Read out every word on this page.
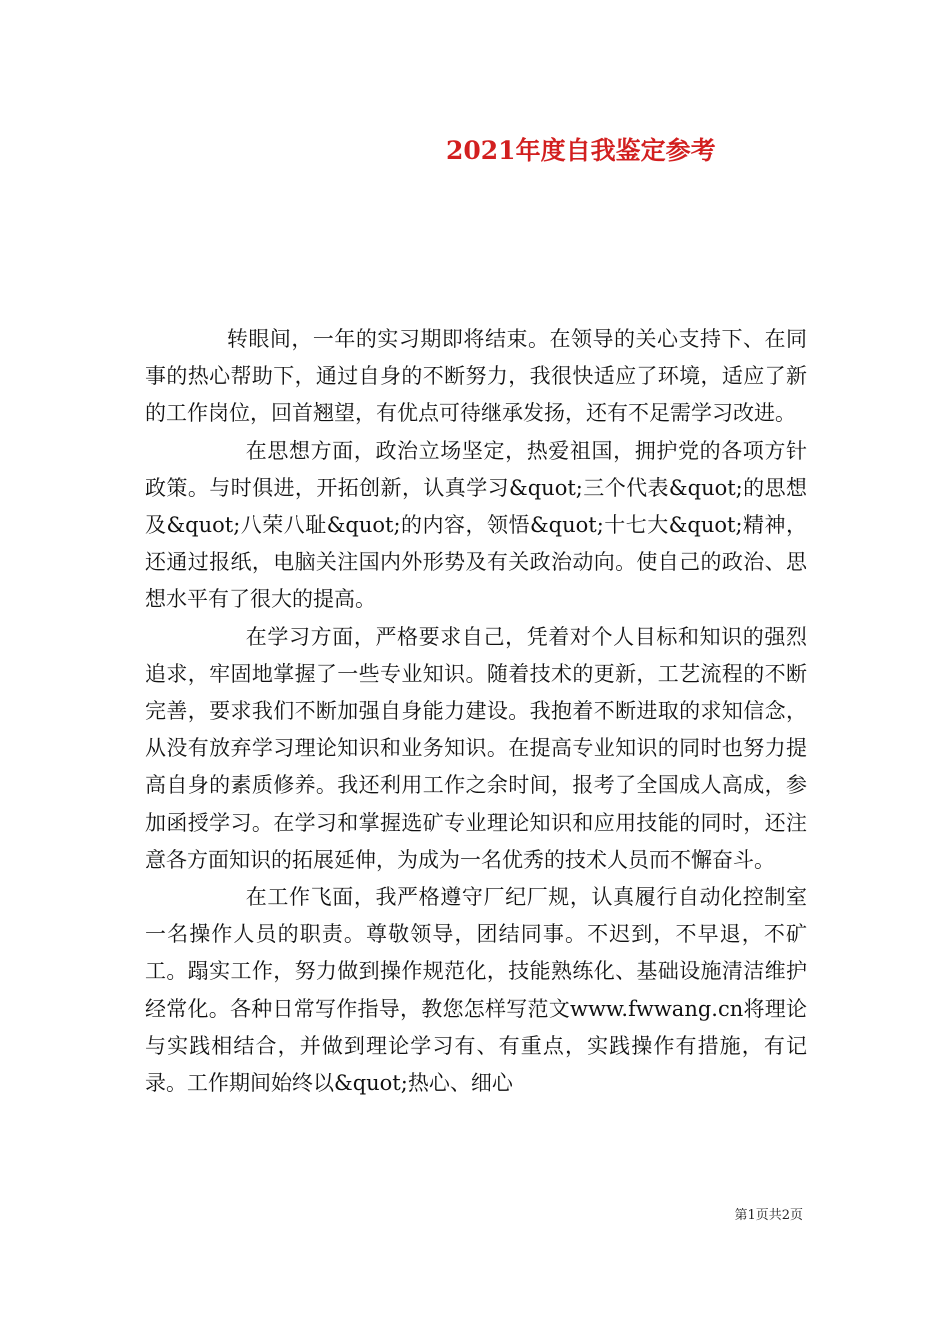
2021年度自我鉴定参考

转眼间，一年的实习期即将结束。在领导的关心支持下、在同事的热心帮助下，通过自身的不断努力，我很快适应了环境，适应了新的工作岗位，回首翘望，有优点可待继承发扬，还有不足需学习改进。

在思想方面，政治立场坚定，热爱祖国，拥护党的各项方针政策。与时俱进，开拓创新，认真学习&quot;三个代表&quot;的思想及&quot;八荣八耻&quot;的内容，领悟&quot;十七大&quot;精神，还通过报纸，电脑关注国内外形势及有关政治动向。使自己的政治、思想水平有了很大的提高。

在学习方面，严格要求自己，凭着对个人目标和知识的强烈追求，牢固地掌握了一些专业知识。随着技术的更新，工艺流程的不断完善，要求我们不断加强自身能力建设。我抱着不断进取的求知信念，从没有放弃学习理论知识和业务知识。在提高专业知识的同时也努力提高自身的素质修养。我还利用工作之余时间，报考了全国成人高成，参加函授学习。在学习和掌握选矿专业理论知识和应用技能的同时，还注意各方面知识的拓展延伸，为成为一名优秀的技术人员而不懈奋斗。

在工作飞面，我严格遵守厂纪厂规，认真履行自动化控制室一名操作人员的职责。尊敬领导，团结同事。不迟到，不早退，不矿工。蹋实工作，努力做到操作规范化，技能熟练化、基础设施清洁维护经常化。各种日常写作指导，教您怎样写范文www.fwwang.cn将理论与实践相结合，并做到理论学习有、有重点，实践操作有措施，有记录。工作期间始终以&quot;热心、细心

第1页共2页
